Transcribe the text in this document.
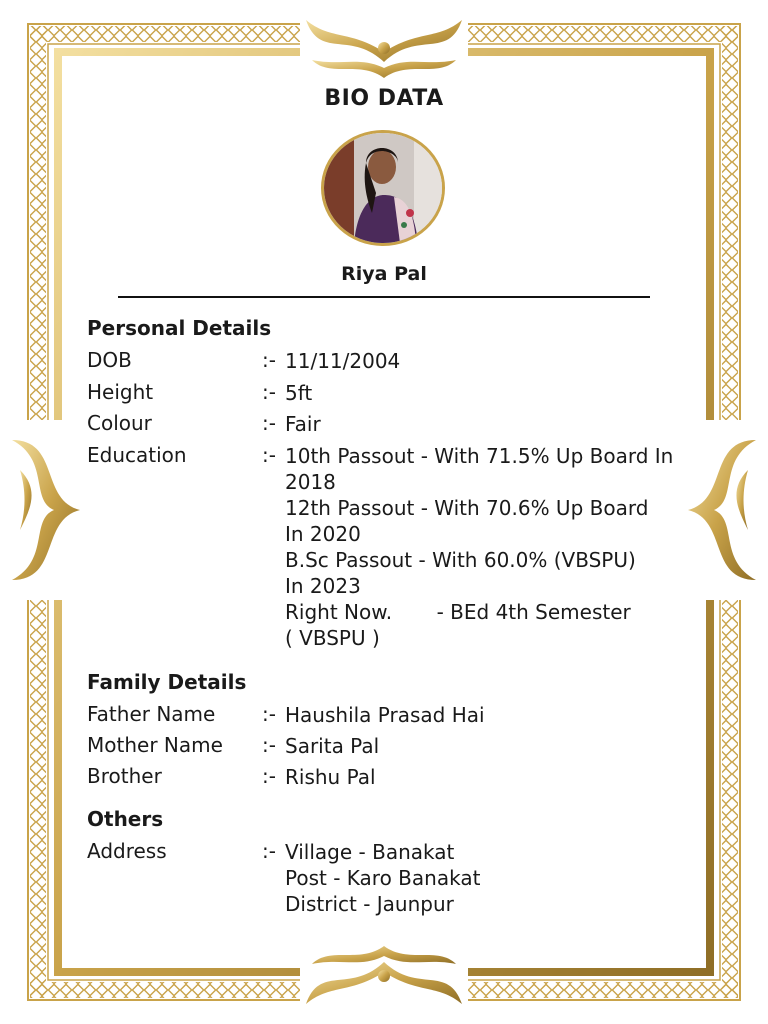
BIO DATA
Riya Pal
Personal Details
DOB	:- 11/11/2004
Height	:- 5ft
Colour	:- Fair
Education	:- 10th Passout - With 71.5% Up Board In
2018
12th Passout - With 70.6% Up Board
In 2020
B.Sc Passout - With 60.0% (VBSPU)
In 2023
Right Now.       - BEd 4th Semester
( VBSPU )
Family Details
Father Name :- Haushila Prasad Hai
Mother Name :- Sarita Pal
Brother	:- Rishu Pal
Others
Address	:- Village - Banakat
Post - Karo Banakat
District - Jaunpur
